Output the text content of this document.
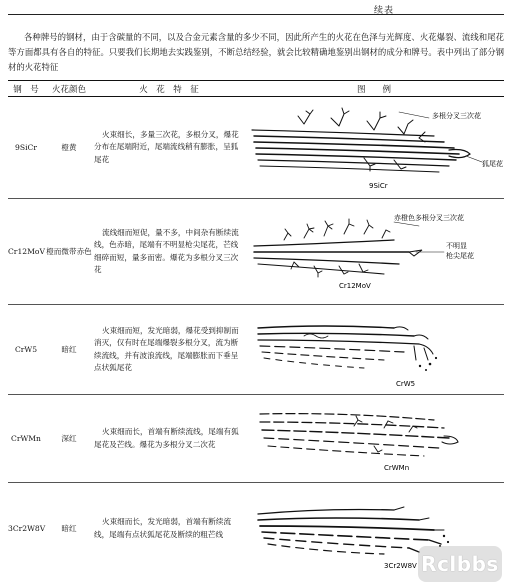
续表

各种牌号的钢材，由于含碳量的不同，以及合金元素含量的多少不同，因此所产生的火花在色泽与光辉度、火花爆裂、流线和尾花等方面都具有各自的特征。只要我们长期地去实践鉴别，不断总结经验，就会比较精确地鉴别出钢材的成分和牌号。表中列出了部分钢材的火花特征

钢　号	火花颜色	火　花　特　征	图　　例
9SiCr	橙黄	火束细长，多量三次花，多根分叉，爆花分布在尾端附近，尾端流线稍有膨胀，呈狐尾花	多根分叉三次花
狐尾花
9SiCr

Cr12MoV	橙而微带赤色	流线细而短促，量不多，中间杂有断续流线，色赤暗，尾端有不明显枪尖尾花，芒线细碎而短，量多而密。爆花为多根分叉三次花	赤橙色多根分叉三次花
不明显
枪尖尾花
Cr12MoV

CrW5	暗红	火束细而短，发光暗弱，爆花受到抑制而消灭，仅有时在尾端爆裂多根分叉，流为断续流线，并有波浪流线，尾端膨胀而下垂呈点状狐尾花	CrW5

CrWMn	深红	火束细而长，首端有断续流线，尾端有狐尾花及芒线。爆花为多根分叉二次花	CrWMn

3Cr2W8V	暗红	火束细而长，发光暗弱，首端有断续流线，尾端有点状狐尾花及断续的粗芒线	3Cr2W8V Rclbbs
